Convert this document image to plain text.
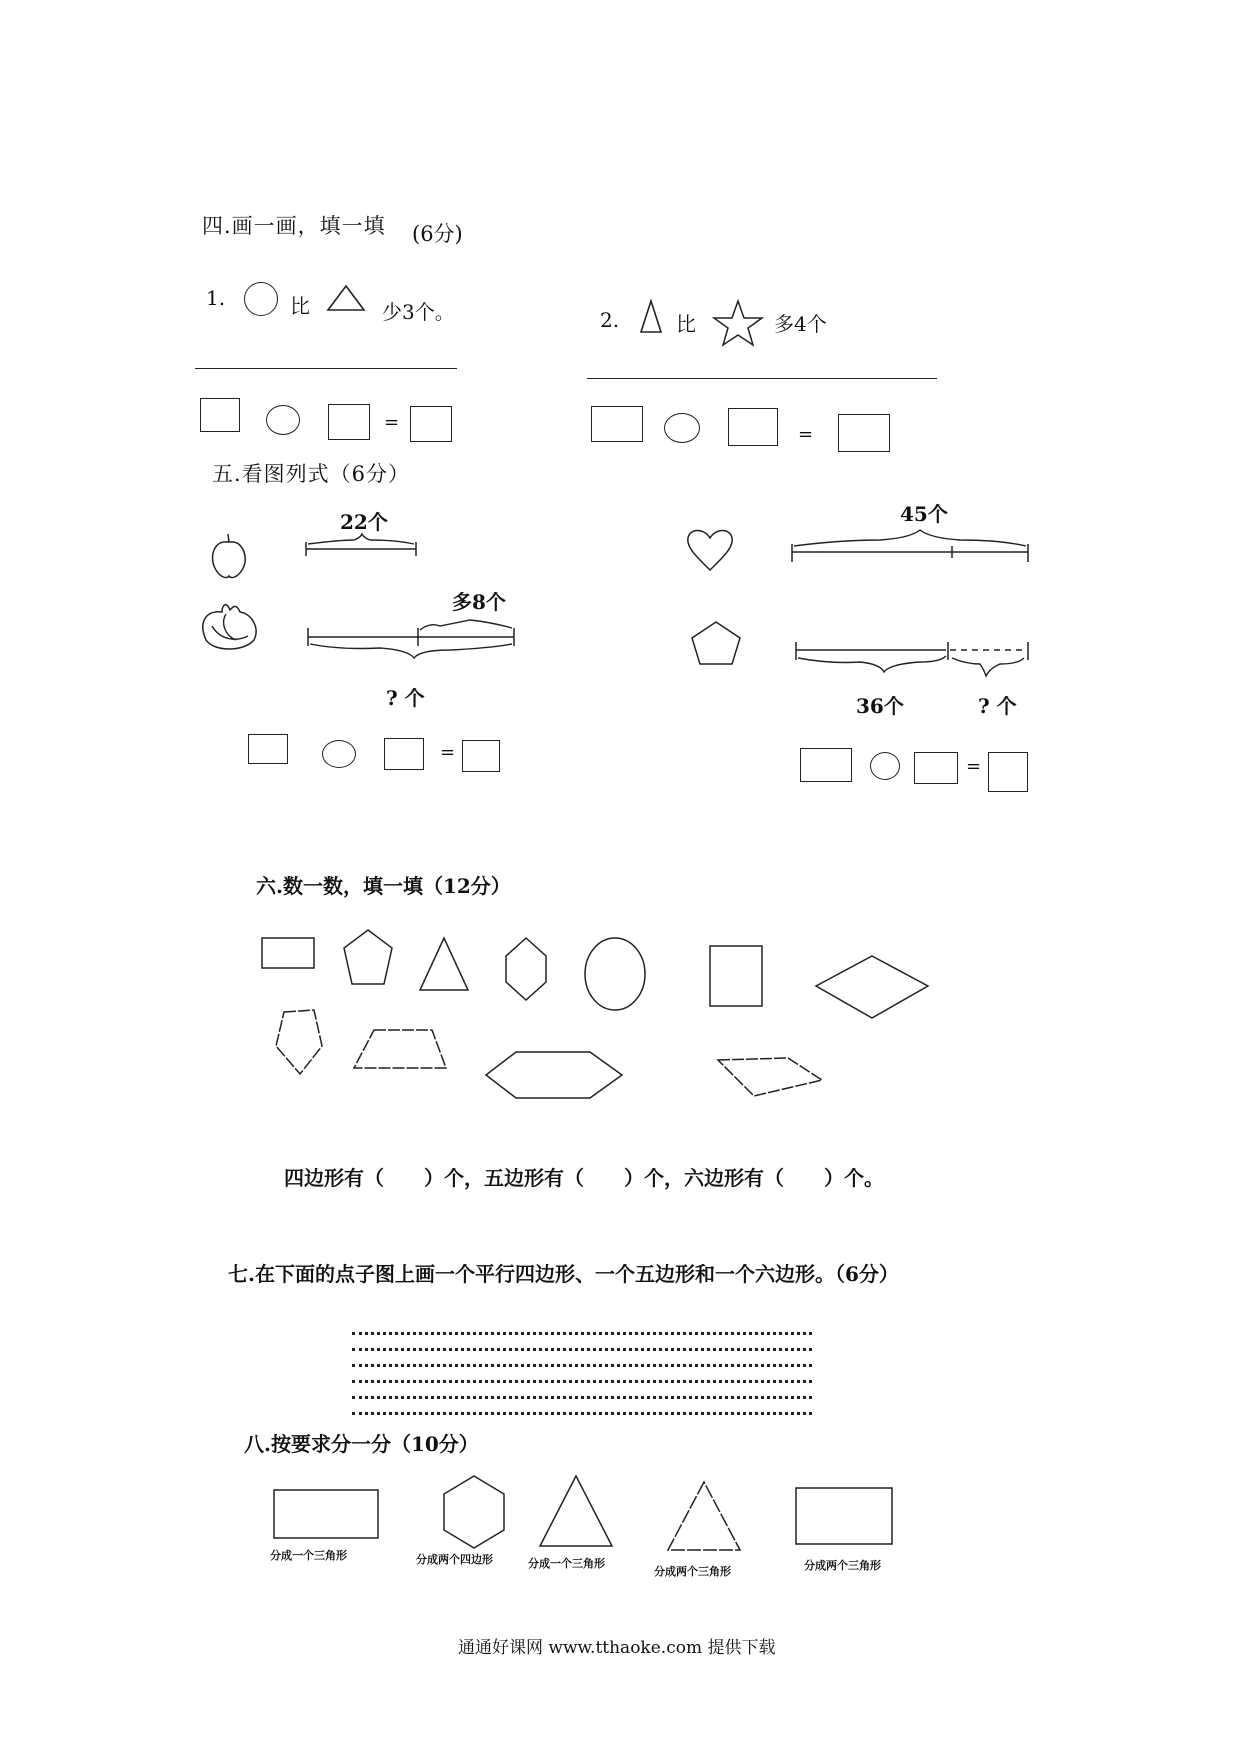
四.画一画，填一填 (6分)
1.	比	少3个。	2.	比	多4个
=
=
五.看图列式（6分）
22个
多8个
? 个
45个
36个	? 个
=
=
六.数一数，填一填（12分）
四边形有（　　）个，五边形有（　　）个，六边形有（　　）个。
七.在下面的点子图上画一个平行四边形、一个五边形和一个六边形。（6分）
八.按要求分一分（10分）
分成一个三角形	分成两个四边形	分成一个三角形
分成两个三角形	分成两个三角形
通通好课网 www.tthaoke.com 提供下载
